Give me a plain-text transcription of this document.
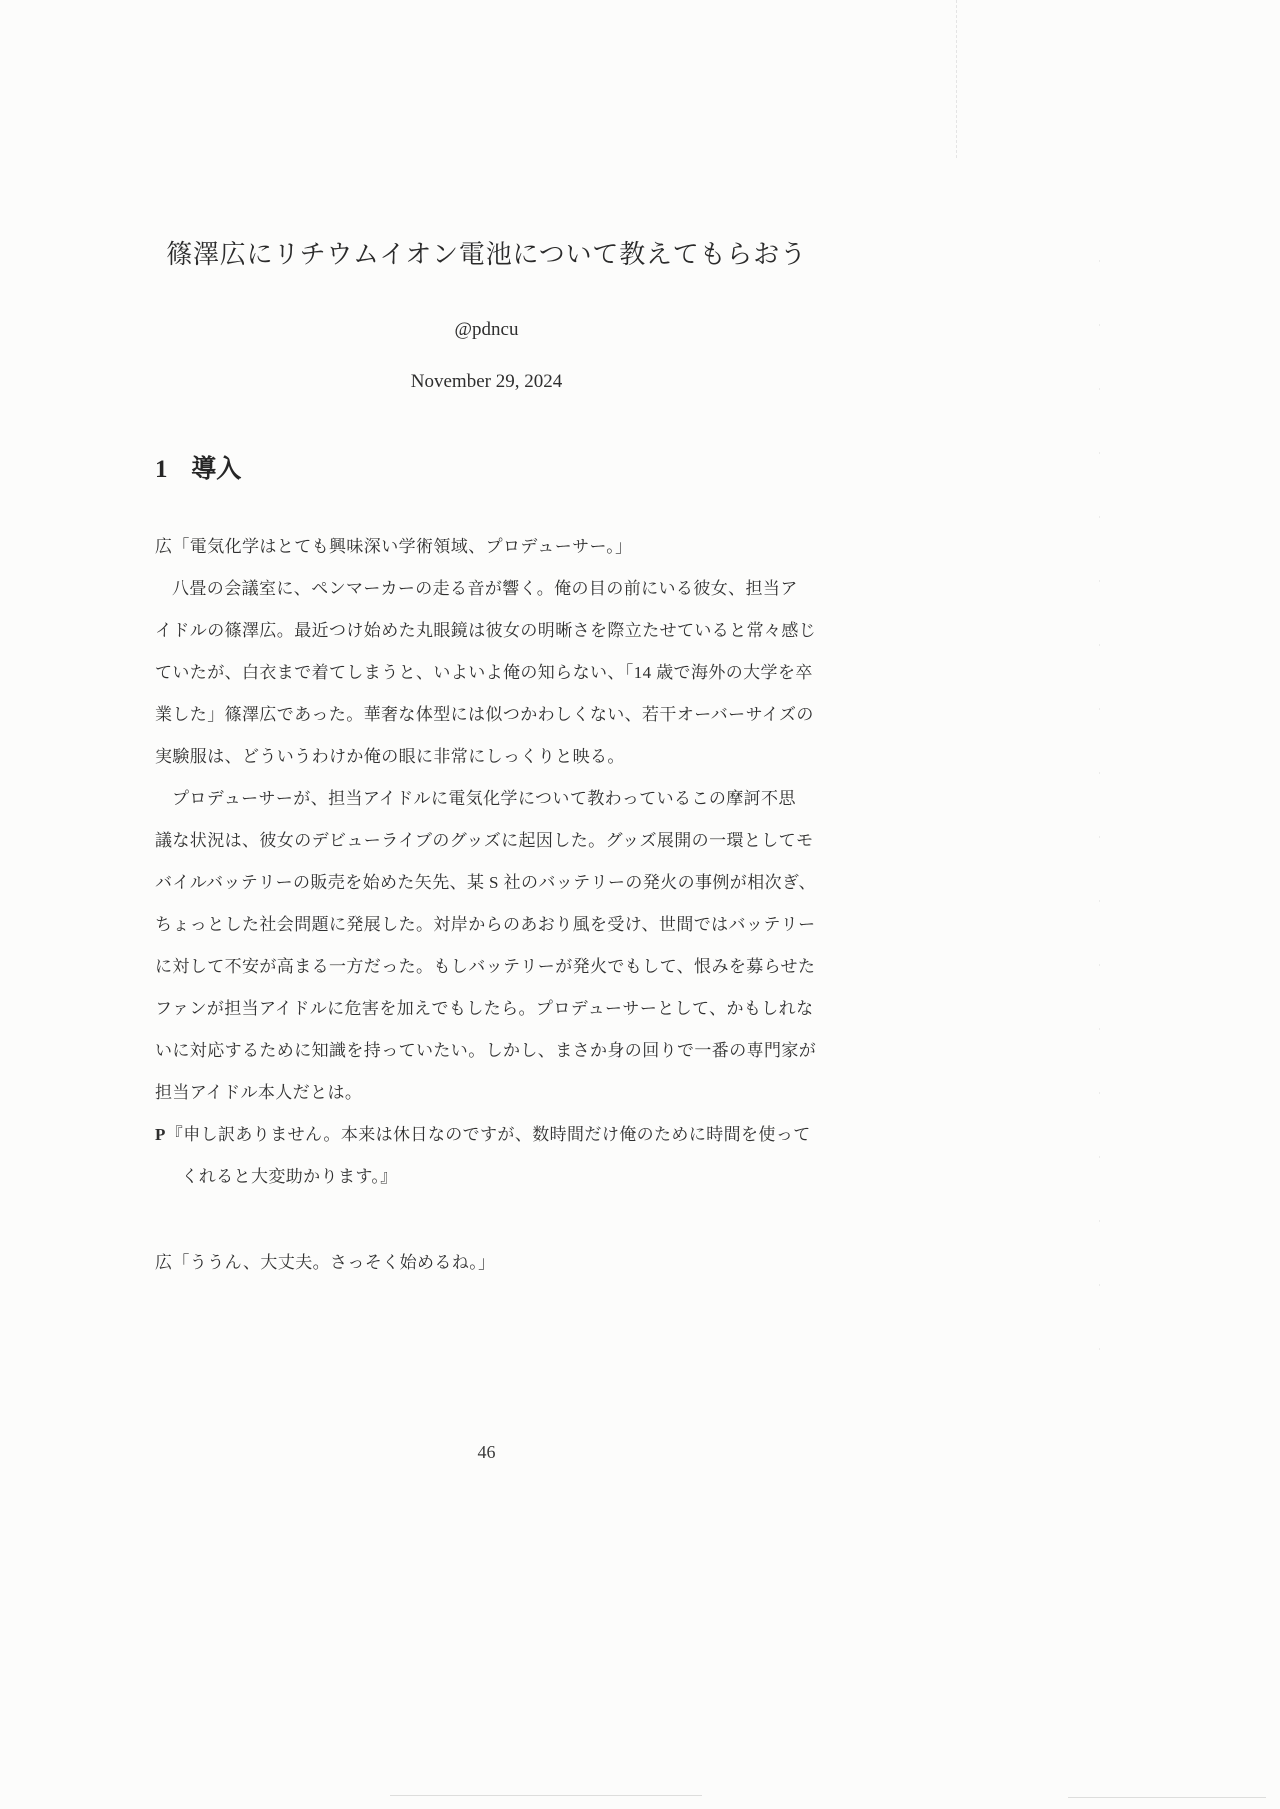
篠澤広にリチウムイオン電池について教えてもらおう
@pdncu
November 29, 2024
1 導入
広「電気化学はとても興味深い学術領域、プロデューサー。」
八畳の会議室に、ペンマーカーの走る音が響く。俺の目の前にいる彼女、担当ア
イドルの篠澤広。最近つけ始めた丸眼鏡は彼女の明晰さを際立たせていると常々感じ
ていたが、白衣まで着てしまうと、いよいよ俺の知らない、「14 歳で海外の大学を卒
業した」篠澤広であった。華奢な体型には似つかわしくない、若干オーバーサイズの
実験服は、どういうわけか俺の眼に非常にしっくりと映る。
プロデューサーが、担当アイドルに電気化学について教わっているこの摩訶不思
議な状況は、彼女のデビューライブのグッズに起因した。グッズ展開の一環としてモ
バイルバッテリーの販売を始めた矢先、某 S 社のバッテリーの発火の事例が相次ぎ、
ちょっとした社会問題に発展した。対岸からのあおり風を受け、世間ではバッテリー
に対して不安が高まる一方だった。もしバッテリーが発火でもして、恨みを募らせた
ファンが担当アイドルに危害を加えでもしたら。プロデューサーとして、かもしれな
いに対応するために知識を持っていたい。しかし、まさか身の回りで一番の専門家が
担当アイドル本人だとは。
P『申し訳ありません。本来は休日なのですが、数時間だけ俺のために時間を使って
くれると大変助かります。』
広「ううん、大丈夫。さっそく始めるね。」
46
